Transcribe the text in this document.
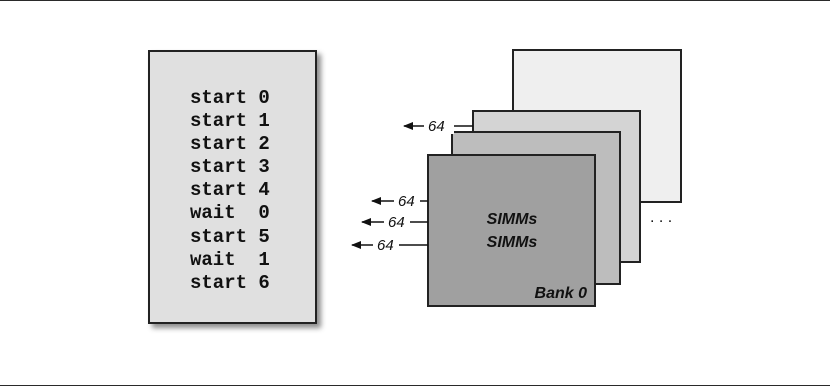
start 0
start 1
start 2
start 3
start 4
wait  0
start 5
wait  1
start 6
64
64
64
64
SIMMs
SIMMs
Bank 0
. . .
